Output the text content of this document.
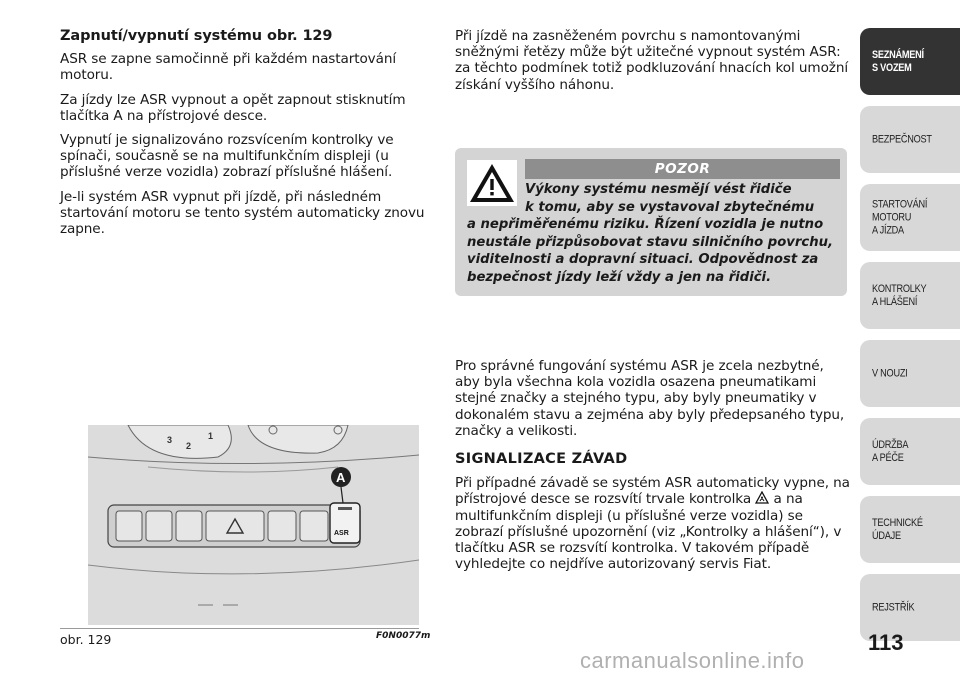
Zapnutí/vypnutí systému obr. 129

ASR se zapne samočinně při každém nastartování motoru.

Za jízdy lze ASR vypnout a opět zapnout stisknutím tlačítka A na přístrojové desce.

Vypnutí je signalizováno rozsvícením kontrolky ve spínači, současně se na multifunkčním displeji (u příslušné verze vozidla) zobrazí příslušné hlášení.

Je-li systém ASR vypnut při jízdě, při následném startování motoru se tento systém automaticky znovu zapne.

Při jízdě na zasněženém povrchu s namontovanými sněžnými řetězy může být užitečné vypnout systém ASR: za těchto podmínek totiž podkluzování hnacích kol umožní získání vyššího náhonu.

POZOR
Výkony systému nesmějí vést řidiče
k tomu, aby se vystavoval zbytečnému
a nepřiměřenému riziku. Řízení vozidla je nutno neustále přizpůsobovat stavu silničního povrchu, viditelnosti a dopravní situaci. Odpovědnost za bezpečnost jízdy leží vždy a jen na řidiči.

Pro správné fungování systému ASR je zcela nezbytné, aby byla všechna kola vozidla osazena pneumatikami stejné značky a stejného typu, aby byly pneumatiky v dokonalém stavu a zejména aby byly předepsaného typu, značky a velikosti.

SIGNALIZACE ZÁVAD

Při případné závadě se systém ASR automaticky vypne, na přístrojové desce se rozsvítí trvale kontrolka a na multifunkčním displeji (u příslušné verze vozidla) se zobrazí příslušné upozornění (viz „Kontrolky a hlášení“), v tlačítku ASR se rozsvítí kontrolka. V takovém případě vyhledejte co nejdříve autorizovaný servis Fiat.

3
2
1
ASR
A
obr. 129	F0N0077m
SEZNÁMENÍ
S VOZEM
BEZPEČNOST
STARTOVÁNÍ
MOTORU
A JÍZDA
KONTROLKY
A HLÁŠENÍ
V NOUZI
ÚDRŽBA
A PÉČE
TECHNICKÉ
ÚDAJE
REJSTŘÍK
113
carmanualsonline.info
